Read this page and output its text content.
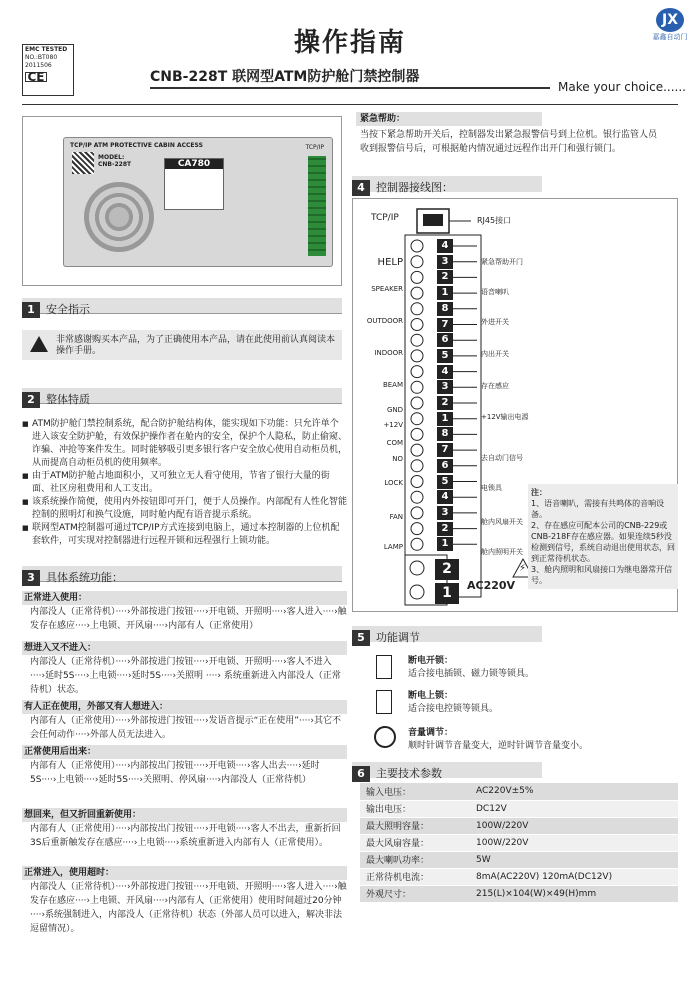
EMC TESTED
NO.:BT080
2011506
CE
操作指南
CNB-228T 联网型ATM防护舱门禁控制器
Make your choice......
JX
嘉鑫自动门
TCP/IP ATM PROTECTIVE CABIN ACCESS
MODEL:
CNB-228T	CA780
TCP/IP
1 安全指示
非常感谢购买本产品，为了正确使用本产品，请在此使用前认真阅读本操作手册。
2 整体特质
■ ATM防护舱门禁控制系统，配合防护舱结构体，能实现如下功能：只允许单个进入该安全防护舱，有效保护操作者在舱内的安全，保护个人隐私，防止偷窥、诈骗、冲抢等案件发生。同时能够吸引更多银行客户安全放心使用自动柜员机，从而提高自动柜员机的使用频率。
■ 由于ATM防护舱占地面积小，又可独立无人看守使用，节省了银行大量的街面、社区房租费用和人工支出。
■ 该系统操作简便，使用内外按钮即可开门，便于人员操作。内部配有人性化智能控制的照明灯和换气设施，同时舱内配有语音提示系统。
■ 联网型ATM控制器可通过TCP/IP方式连接到电脑上，通过本控制器的上位机配套软件，可实现对控制器进行远程开锁和远程强行上锁功能。
3 具体系统功能：
正常进入使用：
内部没人（正常待机）····›外部按进门按钮····›开电锁、开照明····›客人进入····›触发存在感应····›上电锁、开风扇····›内部有人（正常使用）
想进入又不进入：
内部没人（正常待机）····›外部按进门按钮····›开电锁、开照明····›客人不进入····›延时5S····›上电锁····›延时5S····›关照明 ····› 系统重新进入内部没人（正常待机）状态。
有人正在使用，外部又有人想进入：
内部有人（正常使用）····›外部按进门按钮····›发语音提示“正在使用”····›其它不会任何动作····›外部人员无法进入。
正常使用后出来：
内部有人（正常使用）····›内部按出门按钮····›开电锁····›客人出去····›延时5S····›上电锁····›延时5S····›关照明、停风扇····›内部没人（正常待机）
想回来，但又折回重新使用：
内部有人（正常使用）····›内部按出门按钮····›开电锁····›客人不出去，重新折回3S后重新触发存在感应····›上电锁····›系统重新进入内部有人（正常使用）。
正常进入，使用超时：
内部没人（正常待机）····›外部按进门按钮····›开电锁、开照明····›客人进入····›触发存在感应····›上电锁、开风扇····›内部有人（正常使用）使用时间超过20分钟····›系统强制进入，内部没人（正常待机）状态（外部人员可以进入，解决非法逗留情况）。
紧急帮助：
当按下紧急帮助开关后，控制器发出紧急报警信号到上位机。银行监管人员收到报警信号后，可根据舱内情况通过远程作出开门和强行锁门。
4 控制器接线图：
TCP/IP	RJ45接口
4
3
2
1
8
7
6
5
4
3
2
1
8
7
6
5
4
3
2
1
HELP
SPEAKER
OUTDOOR
INDOOR
BEAM
GND
+12V
COM
NO
LOCK
FAN
LAMP
紧急帮助开门
语音喇叭
外进开关
内出开关
存在感应
+12V输出电源
去自动门信号
电锁具
舱内风扇开关
舱内照明开关
2
1	AC220V
⚡
注：
1、语音喇叭，需接有共鸣体的音响设备。
2、存在感应可配本公司的CNB-229或CNB-218F存在感应器。如果连续5秒没检测到信号，系统自动退出使用状态，回到正常待机状态。
3、舱内照明和风扇接口为继电器常开信号。
5 功能调节
断电开锁：
适合接电插锁、磁力锁等锁具。
断电上锁：
适合接电控锁等锁具。
音量调节：
顺时针调节音量变大，逆时针调节音量变小。
6 主要技术参数
输入电压：	AC220V±5%
输出电压：	DC12V
最大照明容量：	100W/220V
最大风扇容量：	100W/220V
最大喇叭功率：	5W
正常待机电流：	8mA(AC220V) 120mA(DC12V)
外观尺寸：	215(L)×104(W)×49(H)mm
